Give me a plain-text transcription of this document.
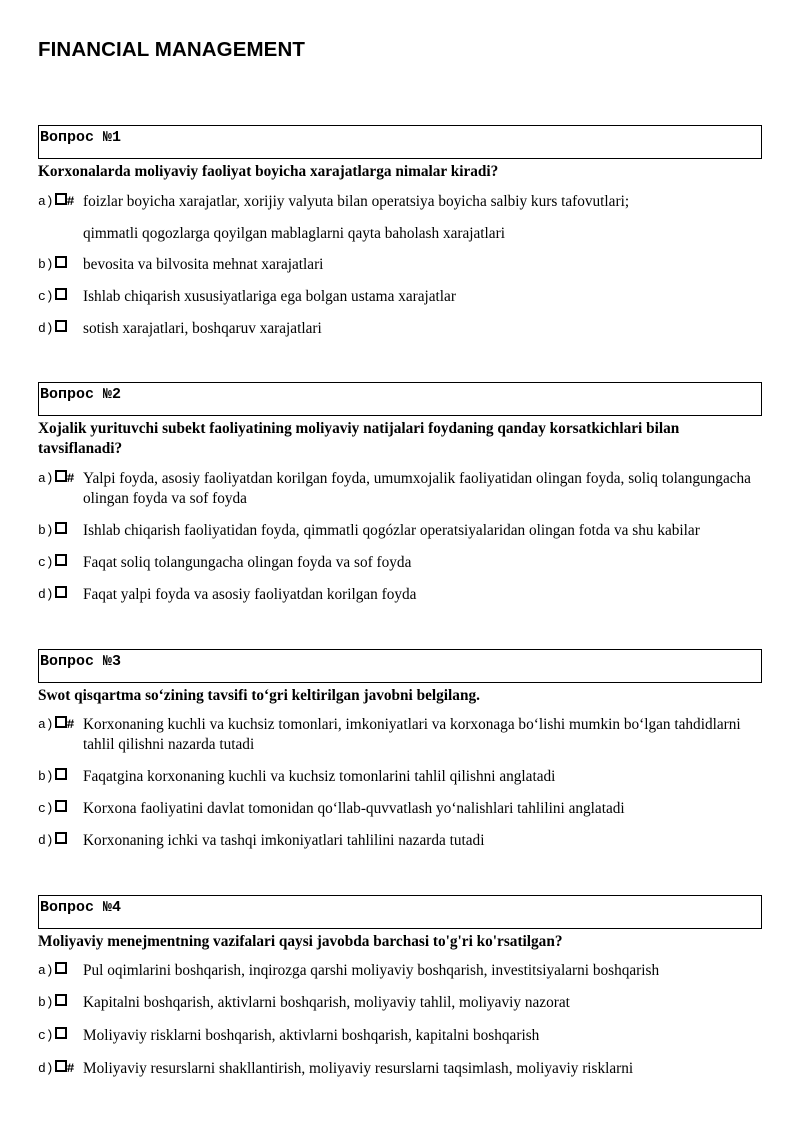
FINANCIAL MANAGEMENT
Вопрос №1
Korxonalarda moliyaviy faoliyat boyicha xarajatlarga nimalar kiradi?
a) # foizlar boyicha xarajatlar, xorijiy valyuta bilan operatsiya boyicha salbiy kurs tafovutlari;
qimmatli qogozlarga qoyilgan mablaglarni qayta baholash xarajatlari
b)	bevosita va bilvosita mehnat xarajatlari
c)	Ishlab chiqarish xususiyatlariga ega bolgan ustama xarajatlar
d)	sotish xarajatlari, boshqaruv xarajatlari
Вопрос №2
Xojalik yurituvchi subekt faoliyatining moliyaviy natijalari foydaning qanday korsatkichlari bilan tavsiflanadi?
a) # Yalpi foyda, asosiy faoliyatdan korilgan foyda, umumxojalik faoliyatidan olingan foyda, soliq tolangungacha olingan foyda va sof foyda
b)	Ishlab chiqarish faoliyatidan foyda, qimmatli qogózlar operatsiyalaridan olingan fotda va shu kabilar
c)	Faqat soliq tolangungacha olingan foyda va sof foyda
d)	Faqat yalpi foyda va asosiy faoliyatdan korilgan foyda
Вопрос №3
Swot qisqartma so‘zining tavsifi to‘gri keltirilgan javobni belgilang.
a) # Korxonaning kuchli va kuchsiz tomonlari, imkoniyatlari va korxonaga bo‘lishi mumkin bo‘lgan tahdidlarni tahlil qilishni nazarda tutadi
b)	Faqatgina korxonaning kuchli va kuchsiz tomonlarini tahlil qilishni anglatadi
c)	Korxona faoliyatini davlat tomonidan qo‘llab-quvvatlash yo‘nalishlari tahlilini anglatadi
d)	Korxonaning ichki va tashqi imkoniyatlari tahlilini nazarda tutadi
Вопрос №4
Moliyaviy menejmentning vazifalari qaysi javobda barchasi to'g'ri ko'rsatilgan?
a)	Pul oqimlarini boshqarish, inqirozga qarshi moliyaviy boshqarish, investitsiyalarni boshqarish
b)	Kapitalni boshqarish, aktivlarni boshqarish, moliyaviy tahlil, moliyaviy nazorat
c)	Moliyaviy risklarni boshqarish, aktivlarni boshqarish, kapitalni boshqarish
d) # Moliyaviy resurslarni shakllantirish, moliyaviy resurslarni taqsimlash, moliyaviy risklarni
